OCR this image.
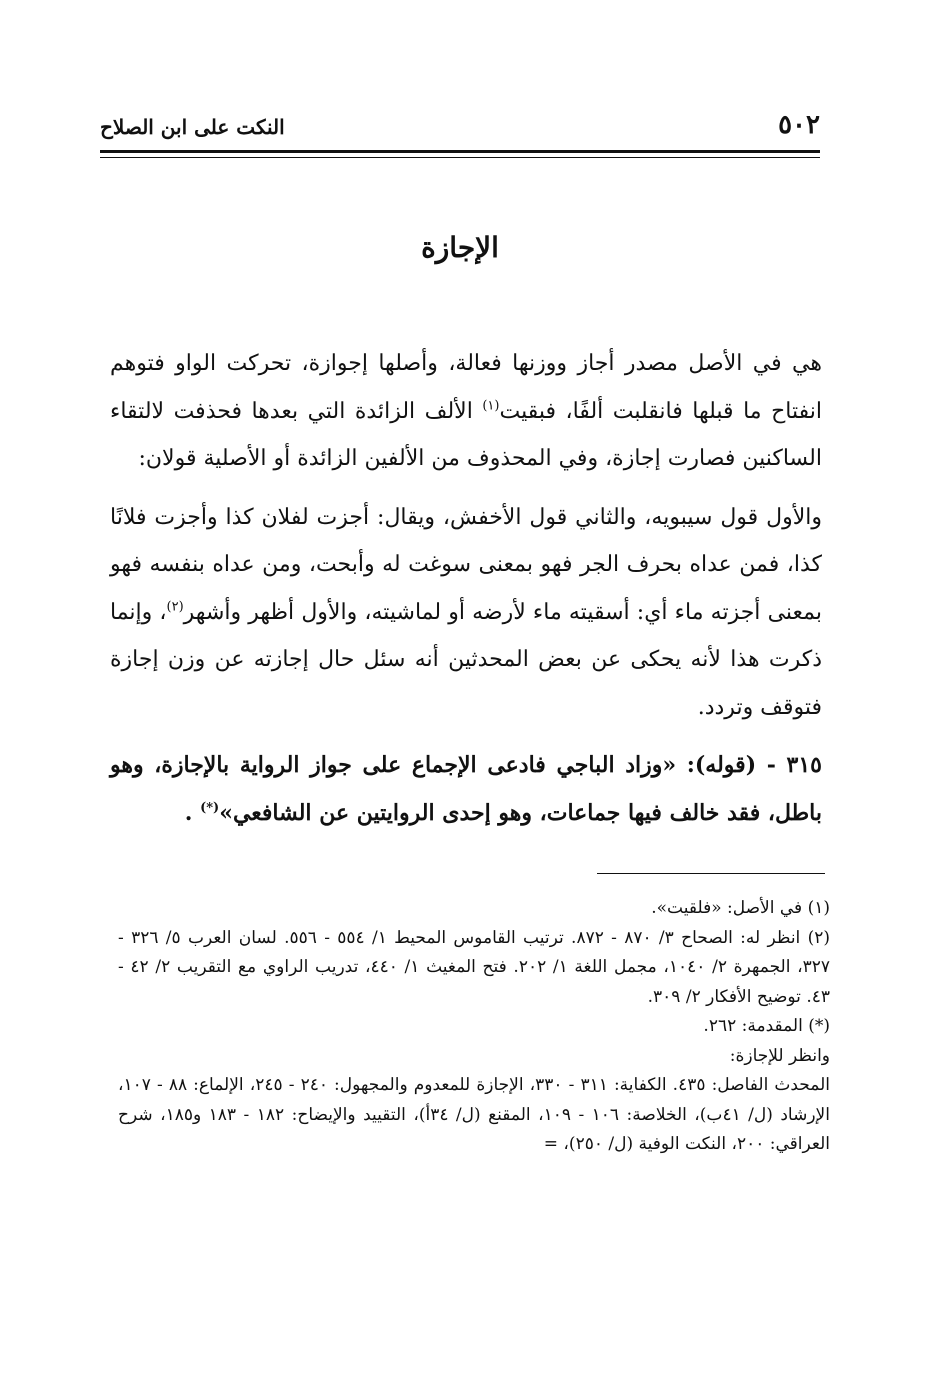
٥٠٢
النكت على ابن الصلاح
الإجازة

هي في الأصل مصدر أجاز ووزنها فعالة، وأصلها إجوازة، تحركت الواو فتوهم انفتاح ما قبلها فانقلبت ألفًا، فبقيت$^{(١)}$ الألف الزائدة التي بعدها فحذفت لالتقاء الساكنين فصارت إجازة، وفي المحذوف من الألفين الزائدة أو الأصلية قولان:

والأول قول سيبويه، والثاني قول الأخفش، ويقال: أجزت لفلان كذا وأجزت فلانًا كذا، فمن عداه بحرف الجر فهو بمعنى سوغت له وأبحت، ومن عداه بنفسه فهو بمعنى أجزته ماء أي: أسقيته ماء لأرضه أو لماشيته، والأول أظهر وأشهر$^{(٢)}$، وإنما ذكرت هذا لأنه يحكى عن بعض المحدثين أنه سئل حال إجازته عن وزن إجازة فتوقف وتردد.

٣١٥ - (قوله): «وزاد الباجي فادعى الإجماع على جواز الرواية بالإجازة، وهو باطل، فقد خالف فيها جماعات، وهو إحدى الروايتين عن الشافعي»(*) .

(١) في الأصل: «فلقيت».

(٢) انظر له: الصحاح ٣/ ٨٧٠ - ٨٧٢. ترتيب القاموس المحيط ١/ ٥٥٤ - ٥٥٦. لسان العرب ٥/ ٣٢٦ - ٣٢٧، الجمهرة ٢/ ١٠٤٠، مجمل اللغة ١/ ٢٠٢. فتح المغيث ١/ ٤٤٠، تدريب الراوي مع التقريب ٢/ ٤٢ - ٤٣. توضيح الأفكار ٢/ ٣٠٩.

(*) المقدمة: ٢٦٢.

وانظر للإجازة:

المحدث الفاصل: ٤٣٥. الكفاية: ٣١١ - ٣٣٠، الإجازة للمعدوم والمجهول: ٢٤٠ - ٢٤٥، الإلماع: ٨٨ - ١٠٧، الإرشاد (ل/ ٤١ب)، الخلاصة: ١٠٦ - ١٠٩، المقنع (ل/ ٣٤أ)، التقييد والإيضاح: ١٨٢ - ١٨٣ و١٨٥، شرح العراقي: ٢٠٠، النكت الوفية (ل/ ٢٥٠)، =
